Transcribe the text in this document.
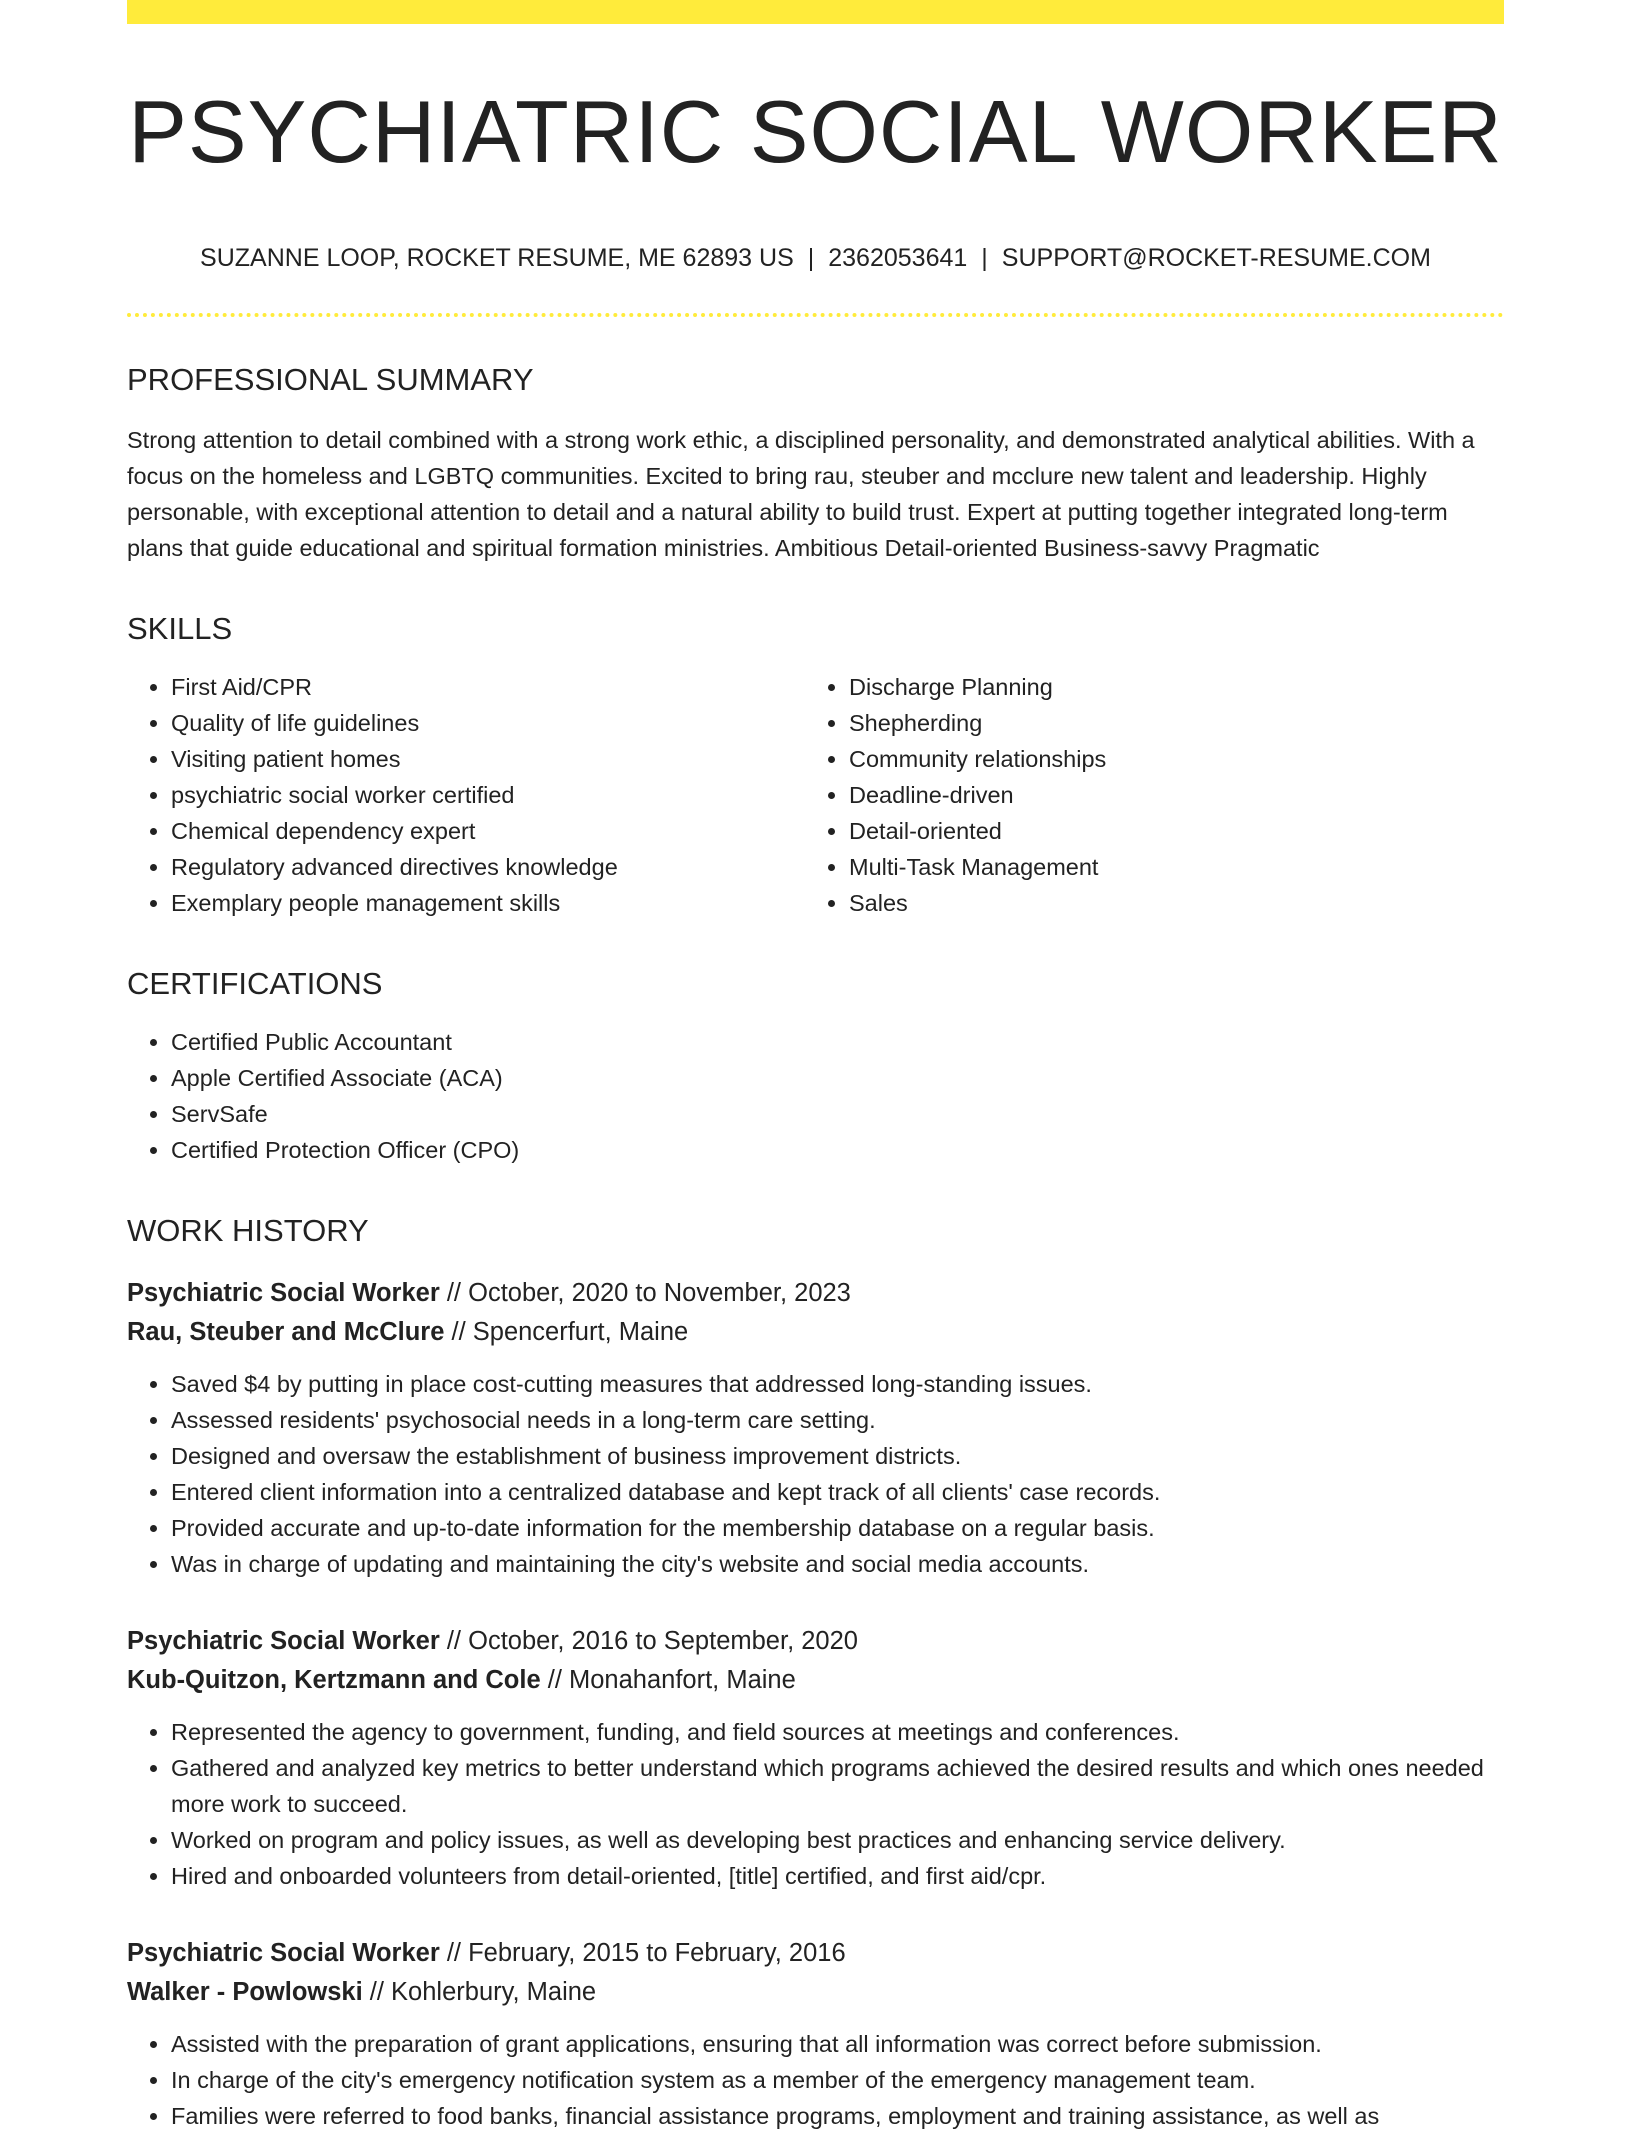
PSYCHIATRIC SOCIAL WORKER
SUZANNE LOOP, ROCKET RESUME, ME 62893 US | 2362053641 | SUPPORT@ROCKET-RESUME.COM
PROFESSIONAL SUMMARY

Strong attention to detail combined with a strong work ethic, a disciplined personality, and demonstrated analytical abilities. With a focus on the homeless and LGBTQ communities. Excited to bring rau, steuber and mcclure new talent and leadership. Highly personable, with exceptional attention to detail and a natural ability to build trust. Expert at putting together integrated long-term plans that guide educational and spiritual formation ministries. Ambitious Detail-oriented Business-savvy Pragmatic

SKILLS
• First Aid/CPR
• Quality of life guidelines
• Visiting patient homes
• psychiatric social worker certified
• Chemical dependency expert
• Regulatory advanced directives knowledge
• Exemplary people management skills
• Discharge Planning
• Shepherding
• Community relationships
• Deadline-driven
• Detail-oriented
• Multi-Task Management
• Sales
CERTIFICATIONS
• Certified Public Accountant
• Apple Certified Associate (ACA)
• ServSafe
• Certified Protection Officer (CPO)
WORK HISTORY
Psychiatric Social Worker // October, 2020 to November, 2023
Rau, Steuber and McClure // Spencerfurt, Maine
• Saved $4 by putting in place cost-cutting measures that addressed long-standing issues.
• Assessed residents' psychosocial needs in a long-term care setting.
• Designed and oversaw the establishment of business improvement districts.
• Entered client information into a centralized database and kept track of all clients' case records.
• Provided accurate and up-to-date information for the membership database on a regular basis.
• Was in charge of updating and maintaining the city's website and social media accounts.
Psychiatric Social Worker // October, 2016 to September, 2020
Kub-Quitzon, Kertzmann and Cole // Monahanfort, Maine
• Represented the agency to government, funding, and field sources at meetings and conferences.
• Gathered and analyzed key metrics to better understand which programs achieved the desired results and which ones needed more work to succeed.
• Worked on program and policy issues, as well as developing best practices and enhancing service delivery.
• Hired and onboarded volunteers from detail-oriented, [title] certified, and first aid/cpr.
Psychiatric Social Worker // February, 2015 to February, 2016
Walker - Powlowski // Kohlerbury, Maine
• Assisted with the preparation of grant applications, ensuring that all information was correct before submission.
• In charge of the city's emergency notification system as a member of the emergency management team.
• Families were referred to food banks, financial assistance programs, employment and training assistance, as well as
